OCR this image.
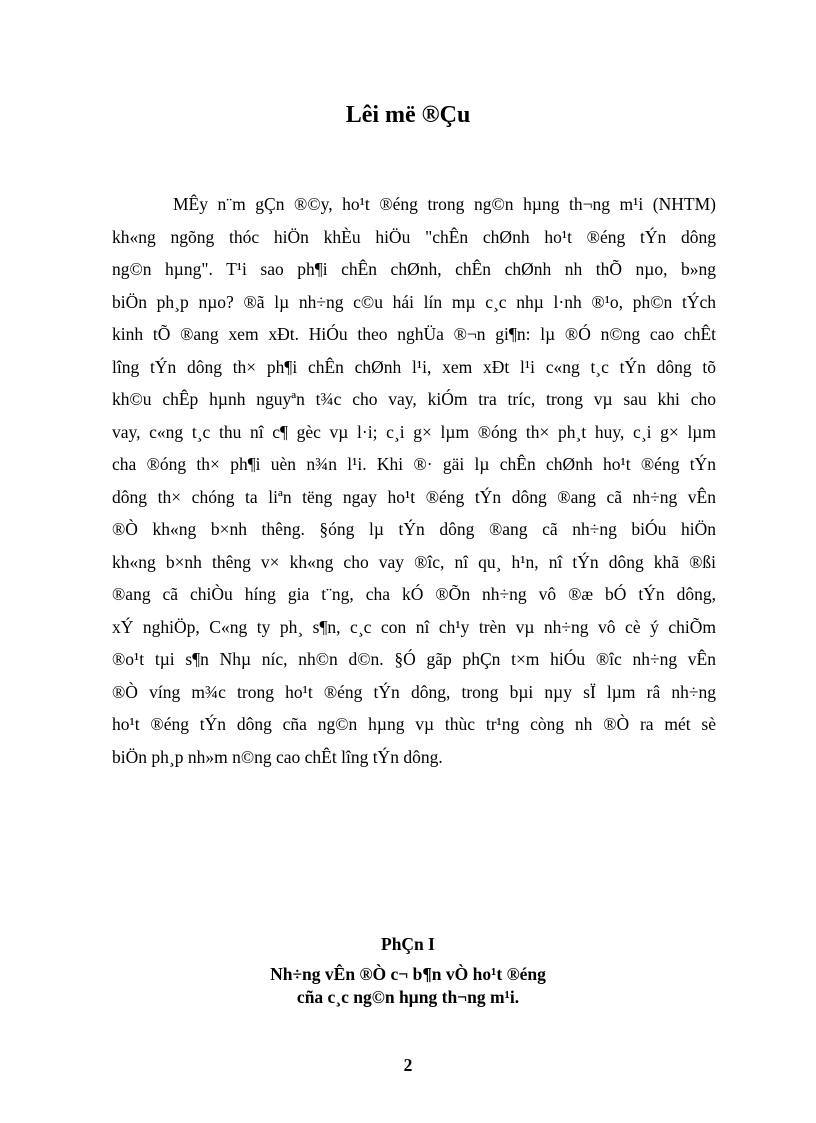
Lêi më ®Çu
MÊy n¨m gÇn ®©y, ho¹t ®éng trong ng©n hµng th¬ng m¹i (NHTM)
kh«ng ngõng thóc hiÖn khÈu hiÖu "chÊn chØnh ho¹t ®éng tÝn dông
ng©n hµng". T¹i sao ph¶i chÊn chØnh, chÊn chØnh nh thÕ nµo, b»ng
biÖn ph¸p nµo? ®ã lµ nh÷ng c©u hái lín mµ c¸c nhµ l·nh ®¹o, ph©n tÝch
kinh tÕ ®ang xem xÐt. HiÓu theo nghÜa ®¬n gi¶n: lµ ®Ó n©ng cao chÊt
lîng tÝn dông th× ph¶i chÊn chØnh l¹i, xem xÐt l¹i c«ng t¸c tÝn dông tõ
kh©u chÊp hµnh nguyªn t¾c cho vay, kiÓm tra tríc, trong vµ sau khi cho
vay, c«ng t¸c thu nî c¶ gèc vµ l·i; c¸i g× lµm ®óng th× ph¸t huy, c¸i g× lµm
cha ®óng th× ph¶i uèn n¾n l¹i. Khi ®· gäi lµ chÊn chØnh ho¹t ®éng tÝn
dông th× chóng ta liªn tëng ngay ho¹t ®éng tÝn dông ®ang cã nh÷ng vÊn
®Ò kh«ng b×nh thêng. §óng lµ tÝn dông ®ang cã nh÷ng biÓu hiÖn
kh«ng b×nh thêng v× kh«ng cho vay ®îc, nî qu¸ h¹n, nî tÝn dông khã ®ßi
®ang cã chiÒu híng gia t¨ng, cha kÓ ®Õn nh÷ng vô ®æ bÓ tÝn dông,
xÝ nghiÖp, C«ng ty ph¸ s¶n, c¸c con nî ch¹y trèn vµ nh÷ng vô cè ý chiÕm
®o¹t tµi s¶n Nhµ níc, nh©n d©n. §Ó gãp phÇn t×m hiÓu ®îc nh÷ng vÊn
®Ò víng m¾c trong ho¹t ®éng tÝn dông, trong bµi nµy sÏ lµm râ nh÷ng
ho¹t ®éng tÝn dông cña ng©n hµng vµ thùc tr¹ng còng nh ®Ò ra mét sè
biÖn ph¸p nh»m n©ng cao chÊt lîng tÝn dông.
PhÇn I
Nh÷ng vÊn ®Ò c¬ b¶n vÒ ho¹t ®éng
cña c¸c ng©n hµng th¬ng m¹i.
2
